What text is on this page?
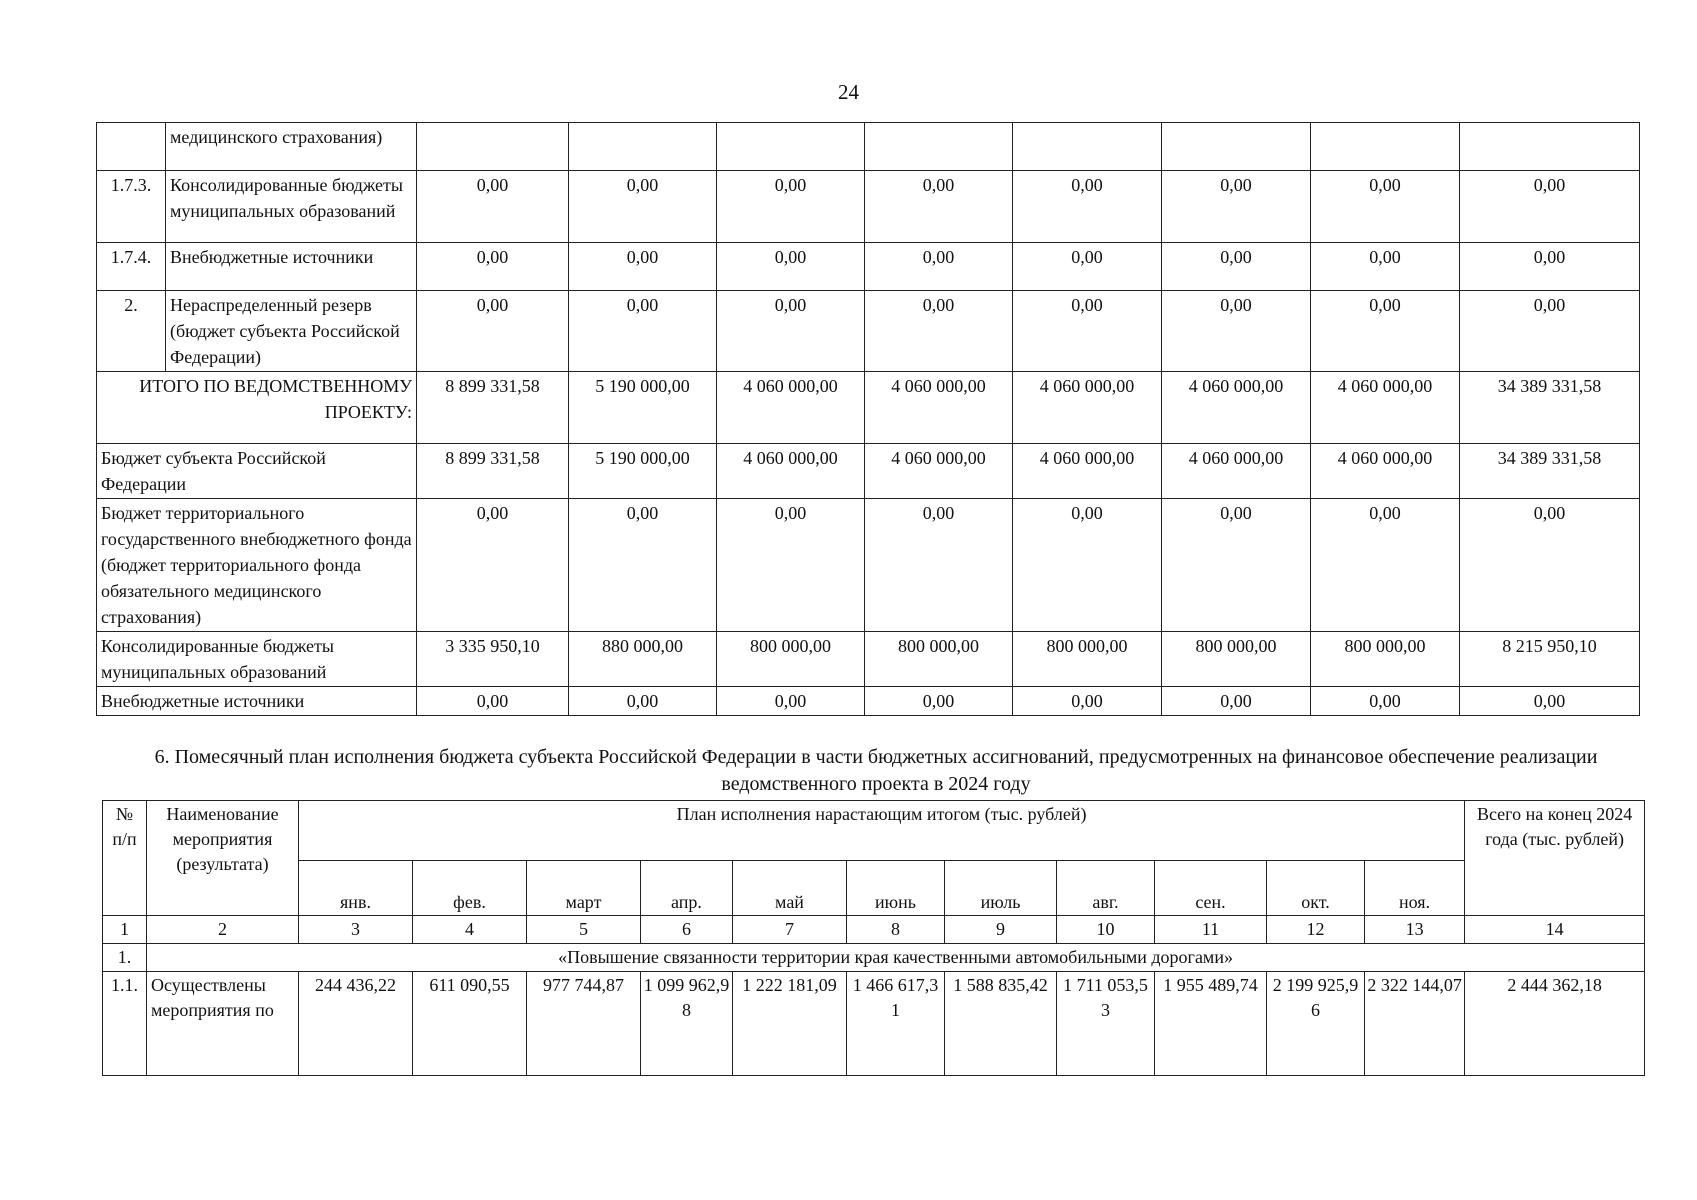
24
	медицинского страхования)								
1.7.3.	Консолидированные бюджеты муниципальных образований	0,00	0,00	0,00	0,00	0,00	0,00	0,00	0,00
1.7.4.	Внебюджетные источники	0,00	0,00	0,00	0,00	0,00	0,00	0,00	0,00
2.	Нераспределенный резерв (бюджет субъекта Российской Федерации)	0,00	0,00	0,00	0,00	0,00	0,00	0,00	0,00
ИТОГО ПО ВЕДОМСТВЕННОМУ ПРОЕКТУ:		8 899 331,58	5 190 000,00	4 060 000,00	4 060 000,00	4 060 000,00	4 060 000,00	4 060 000,00	34 389 331,58
Бюджет субъекта Российской Федерации		8 899 331,58	5 190 000,00	4 060 000,00	4 060 000,00	4 060 000,00	4 060 000,00	4 060 000,00	34 389 331,58
Бюджет территориального государственного внебюджетного фонда (бюджет территориального фонда обязательного медицинского страхования)		0,00	0,00	0,00	0,00	0,00	0,00	0,00	0,00
Консолидированные бюджеты муниципальных образований		3 335 950,10	880 000,00	800 000,00	800 000,00	800 000,00	800 000,00	800 000,00	8 215 950,10
Внебюджетные источники		0,00	0,00	0,00	0,00	0,00	0,00	0,00	0,00
6. Помесячный план исполнения бюджета субъекта Российской Федерации в части бюджетных ассигнований, предусмотренных на финансовое обеспечение реализации ведомственного проекта в 2024 году
№ п/п	Наименование мероприятия (результата)	План исполнения нарастающим итогом (тыс. рублей)											Всего на конец 2024 года (тыс. рублей)
		янв.	фев.	март	апр.	май	июнь	июль	авг.	сен.	окт.	ноя.	
1	2	3	4	5	6	7	8	9	10	11	12	13	14
1.	«Повышение связанности территории края качественными автомобильными дорогами»												
1.1.	Осуществлены мероприятия по	244 436,22	611 090,55	977 744,87	1 099 962,98	1 222 181,09	1 466 617,31	1 588 835,42	1 711 053,53	1 955 489,74	2 199 925,96	2 322 144,07	2 444 362,18
